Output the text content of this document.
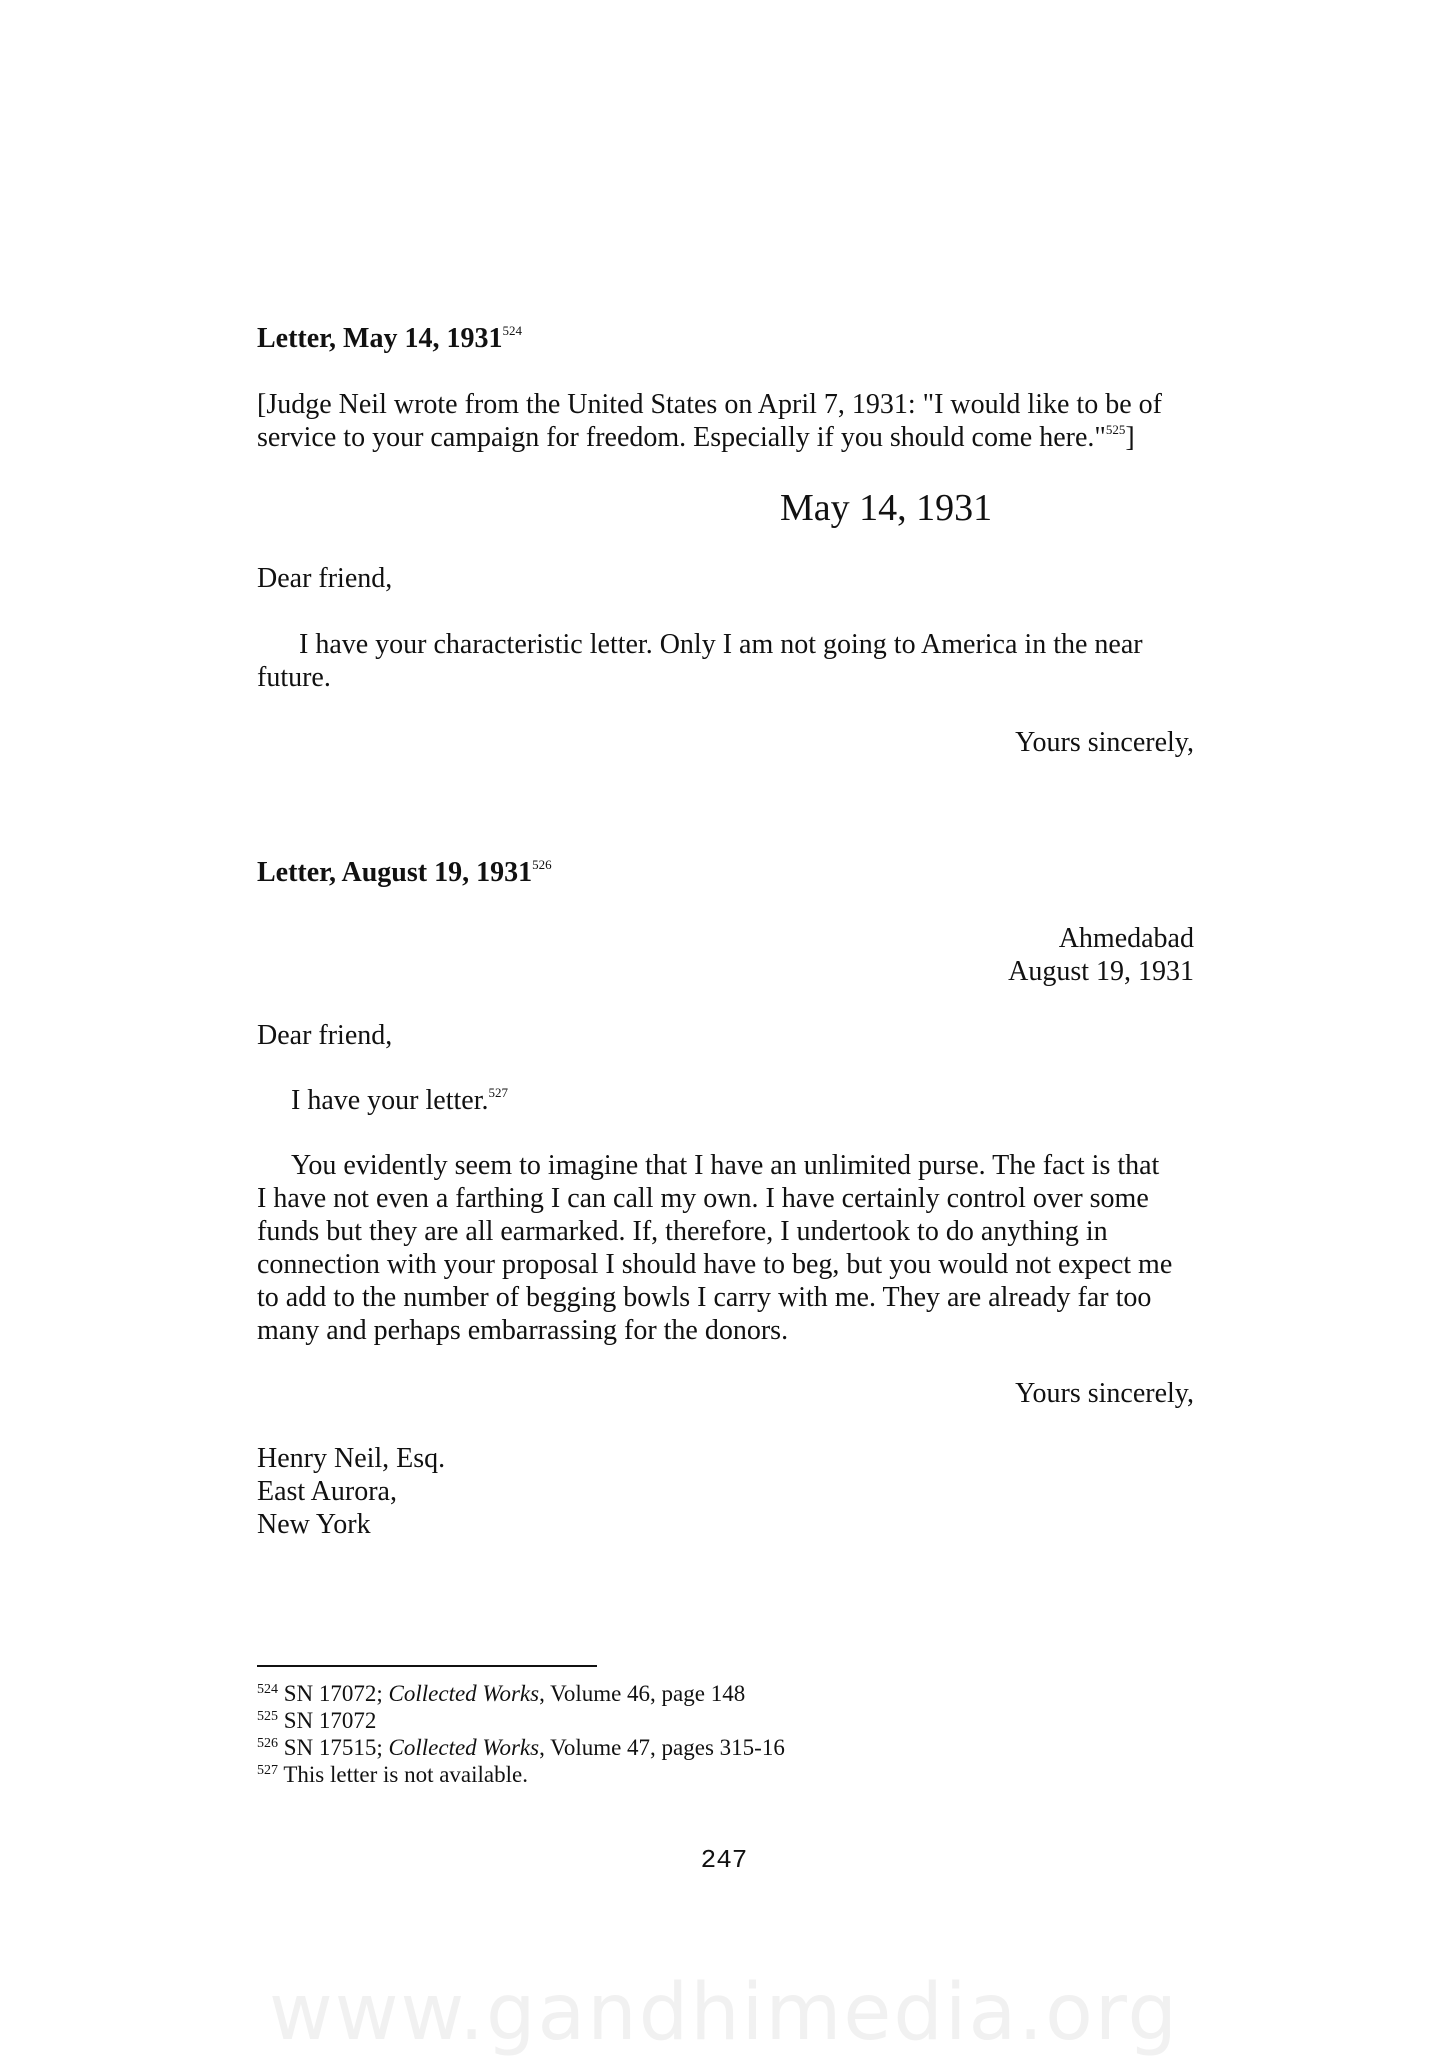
Letter, May 14, 1931$^{524}$
[Judge Neil wrote from the United States on April 7, 1931: "I would like to be of
service to your campaign for freedom. Especially if you should come here."$^{525}$]
May 14, 1931
Dear friend,
I have your characteristic letter. Only I am not going to America in the near
future.
Yours sincerely,
Letter, August 19, 1931$^{526}$
Ahmedabad
August 19, 1931
Dear friend,
I have your letter.$^{527}$
You evidently seem to imagine that I have an unlimited purse. The fact is that
I have not even a farthing I can call my own. I have certainly control over some
funds but they are all earmarked. If, therefore, I undertook to do anything in
connection with your proposal I should have to beg, but you would not expect me
to add to the number of begging bowls I carry with me. They are already far too
many and perhaps embarrassing for the donors.
Yours sincerely,
Henry Neil, Esq.
East Aurora,
New York
$^{524}$ SN 17072; Collected Works, Volume 46, page 148
$^{525}$ SN 17072
$^{526}$ SN 17515; Collected Works, Volume 47, pages 315-16
$^{527}$ This letter is not available.
247
www.gandhimedia.org
